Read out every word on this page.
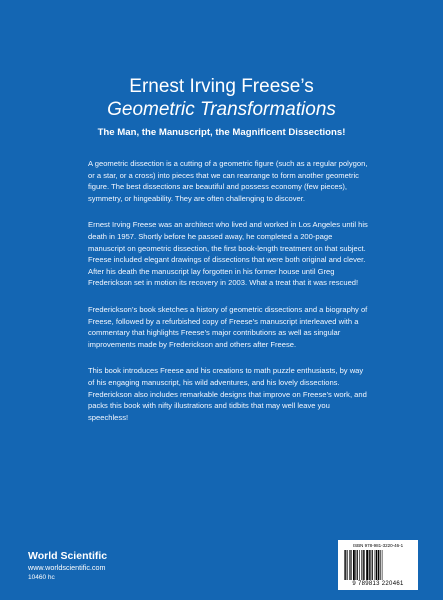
Ernest Irving Freese’s
Geometric Transformations
The Man, the Manuscript, the Magnificent Dissections!

A geometric dissection is a cutting of a geometric figure (such as a regular polygon, or a star, or a cross) into pieces that we can rearrange to form another geometric figure. The best dissections are beautiful and possess economy (few pieces), symmetry, or hingeability. They are often challenging to discover.

Ernest Irving Freese was an architect who lived and worked in Los Angeles until his death in 1957. Shortly before he passed away, he completed a 200-page manuscript on geometric dissection, the first book-length treatment on that subject. Freese included elegant drawings of dissections that were both original and clever. After his death the manuscript lay forgotten in his former house until Greg Frederickson set in motion its recovery in 2003. What a treat that it was rescued!

Frederickson’s book sketches a history of geometric dissections and a biography of Freese, followed by a refurbished copy of Freese’s manuscript interleaved with a commentary that highlights Freese’s major contributions as well as singular improvements made by Frederickson and others after Freese.

This book introduces Freese and his creations to math puzzle enthusiasts, by way of his engaging manuscript, his wild adventures, and his lovely dissections. Frederickson also includes remarkable designs that improve on Freese’s work, and packs this book with nifty illustrations and tidbits that may well leave you speechless!

World Scientific
www.worldscientific.com
10460 hc
ISBN 978-981-3220-46-1
9 789813 220461
